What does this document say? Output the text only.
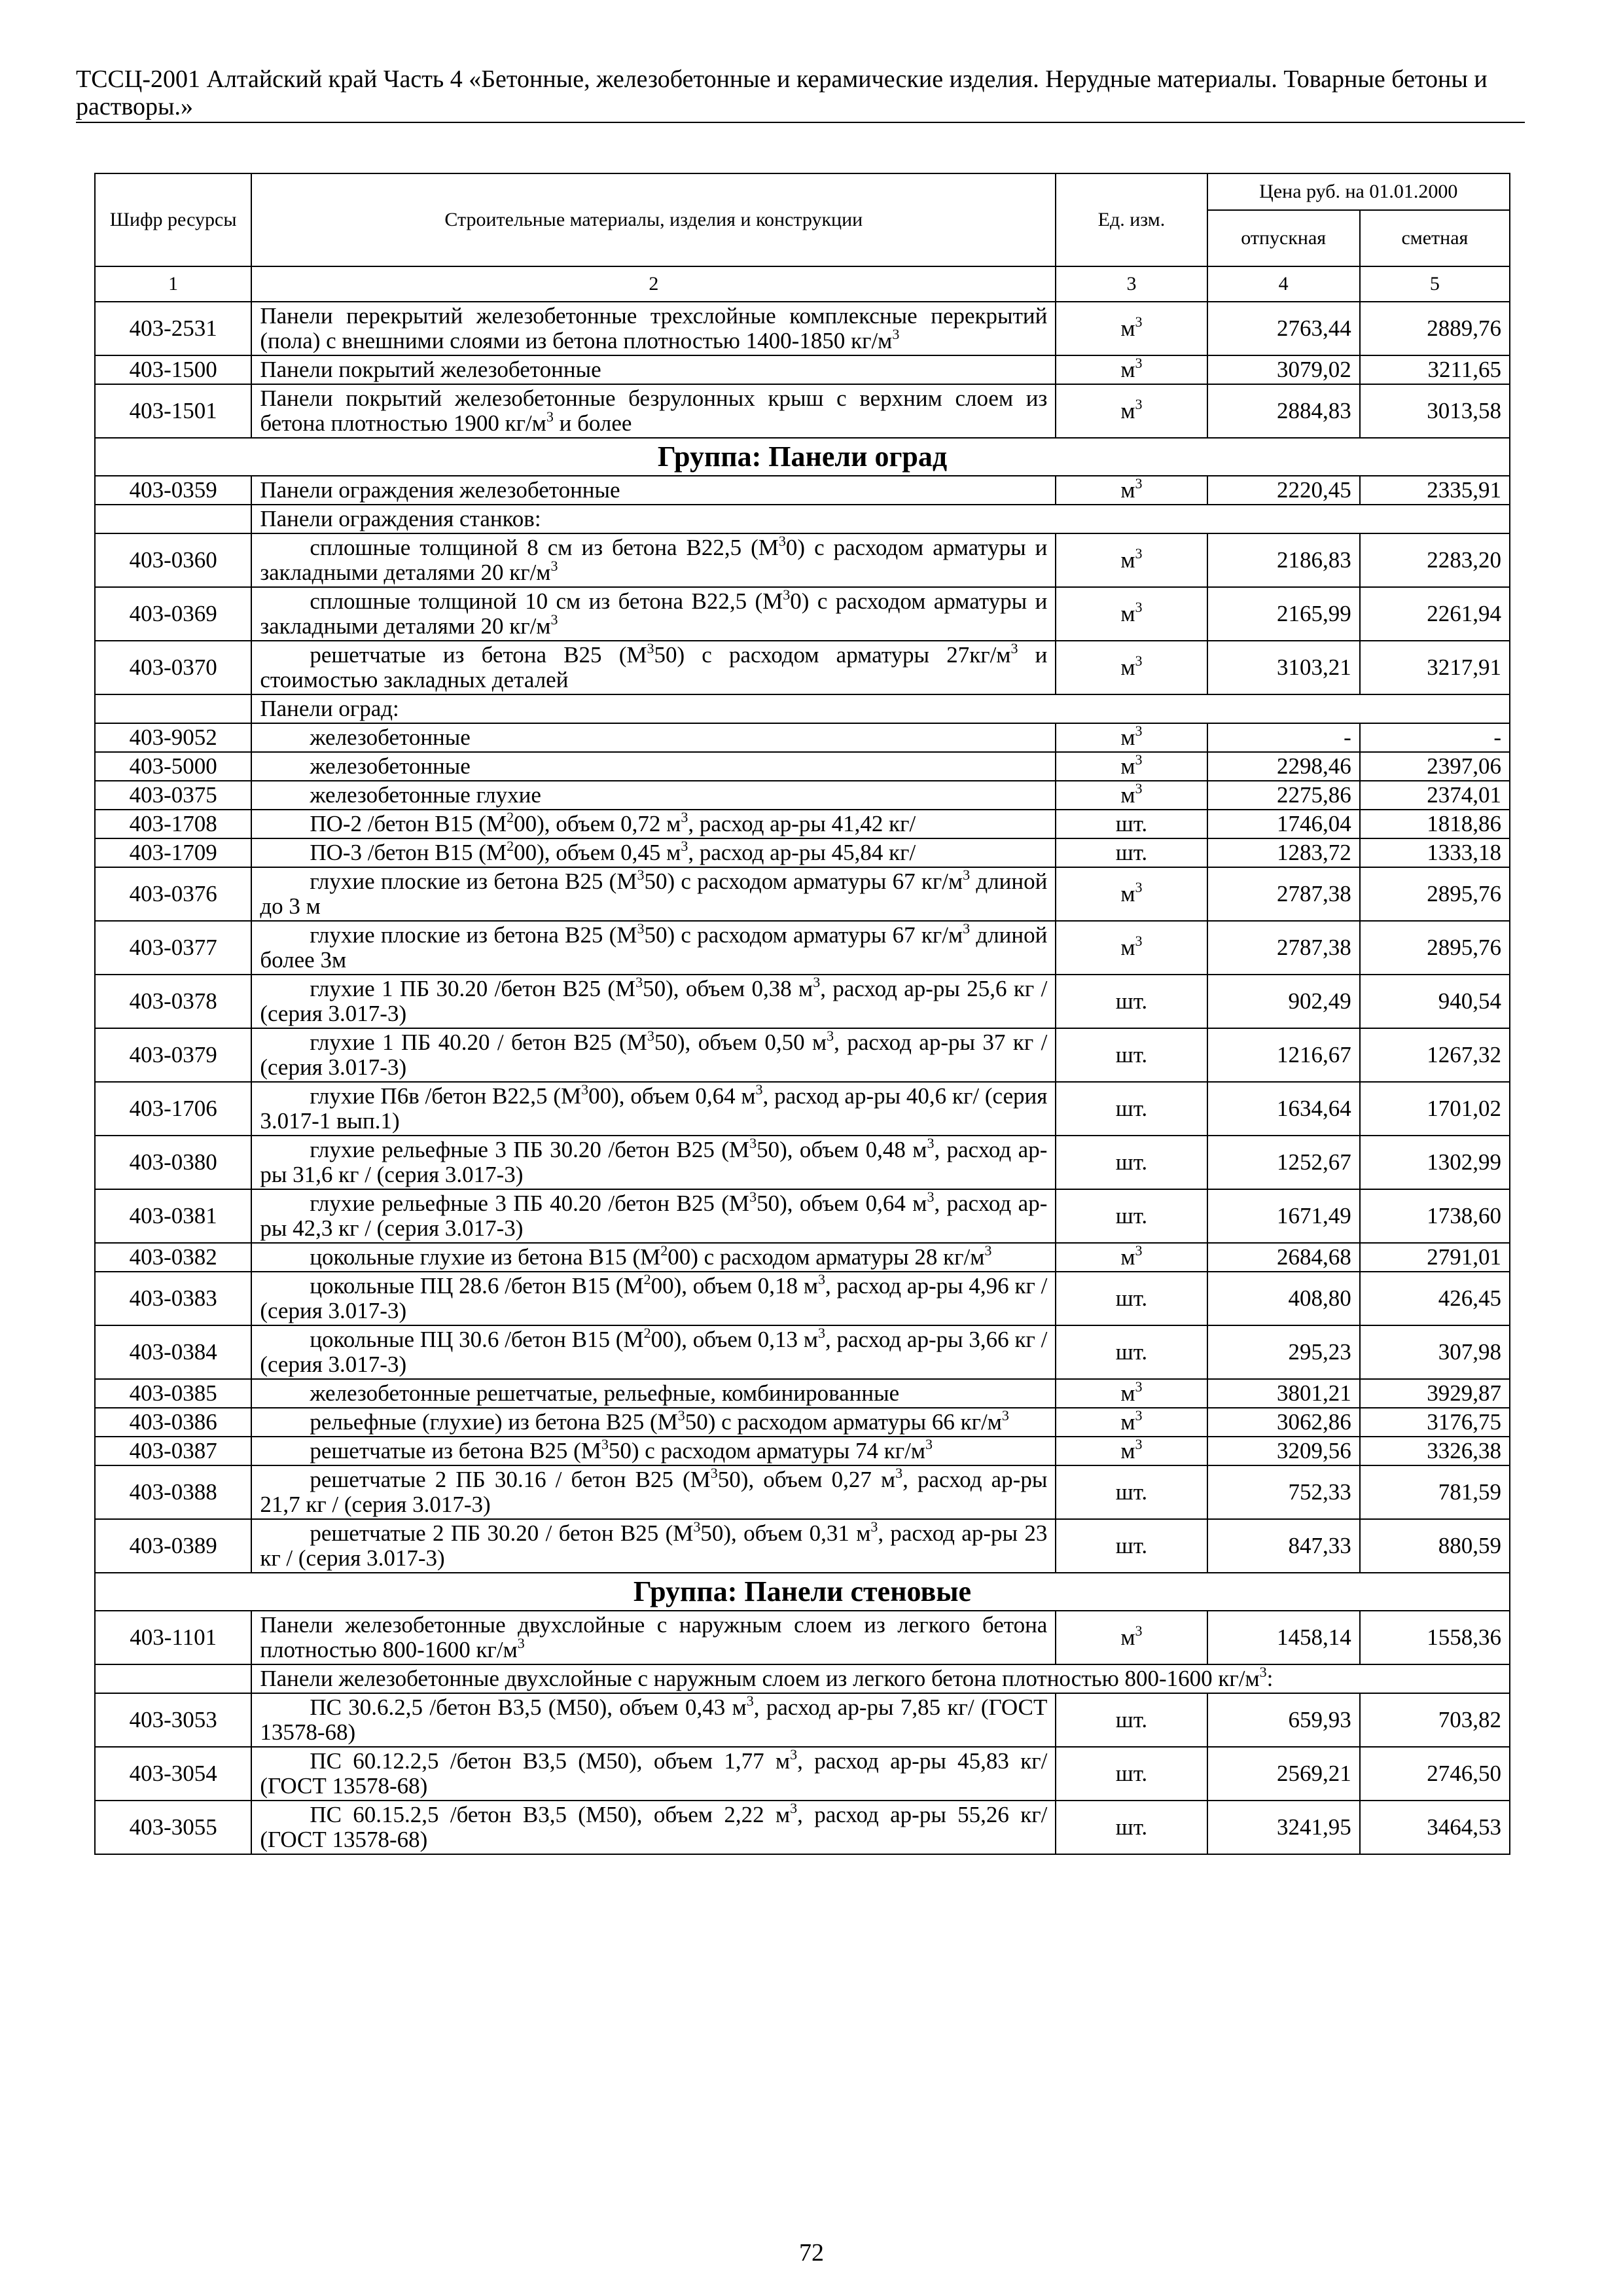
ТССЦ-2001 Алтайский край Часть 4 «Бетонные, железобетонные и керамические изделия. Нерудные материалы. Товарные бетоны и растворы.»
Шифр ресурсы	Строительные материалы, изделия и конструкции	Ед. изм.	Цена руб. на 01.01.2000	
			отпускная	сметная
1	2	3	4	5
403-2531	Панели перекрытий железобетонные трехслойные комплексные перекрытий (пола) с внешними слоями из бетона плотностью 1400-1850 $кг/м^3$	$м^3$	2763,44	2889,76
403-1500	Панели покрытий железобетонные	$м^3$	3079,02	3211,65
403-1501	Панели покрытий железобетонные безрулонных крыш с верхним слоем из бетона плотностью 1900 $кг/м^3$ и более	$м^3$	2884,83	3013,58
Группа: Панели оград				
403-0359	Панели ограждения железобетонные	$м^3$	2220,45	2335,91
	Панели ограждения станков:			
403-0360	сплошные толщиной 8 см из бетона В22,5 $(М^30)$ с расходом арматуры и закладными деталями 20 $кг/м^3$	$м^3$	2186,83	2283,20
403-0369	сплошные толщиной 10 см из бетона В22,5 $(М^30)$ с расходом арматуры и закладными деталями 20 $кг/м^3$	$м^3$	2165,99	2261,94
403-0370	решетчатые из бетона В25 $(М^350)$ с расходом арматуры $27кг/м^3$ и стоимостью закладных деталей	$м^3$	3103,21	3217,91
	Панели оград:			
403-9052	железобетонные	$м^3$	-	-
403-5000	железобетонные	$м^3$	2298,46	2397,06
403-0375	железобетонные глухие	$м^3$	2275,86	2374,01
403-1708	ПО-2 /бетон В15 $(М^200)$, объем 0,72 $м^3$, расход ар-ры 41,42 кг/	шт.	1746,04	1818,86
403-1709	ПО-3 /бетон В15 $(М^200)$, объем 0,45 $м^3$, расход ар-ры 45,84 кг/	шт.	1283,72	1333,18
403-0376	глухие плоские из бетона В25 $(М^350)$ с расходом арматуры 67 $кг/м^3$ длиной до 3 м	$м^3$	2787,38	2895,76
403-0377	глухие плоские из бетона В25 $(М^350)$ с расходом арматуры 67 $кг/м^3$ длиной более 3м	$м^3$	2787,38	2895,76
403-0378	глухие 1 ПБ 30.20 /бетон В25 $(М^350)$, объем 0,38 $м^3$, расход ар-ры 25,6 кг / (серия 3.017-3)	шт.	902,49	940,54
403-0379	глухие 1 ПБ 40.20 / бетон В25 $(М^350)$, объем 0,50 $м^3$, расход ар-ры 37 кг / (серия 3.017-3)	шт.	1216,67	1267,32
403-1706	глухие П6в /бетон В22,5 $(М^300)$, объем 0,64 $м^3$, расход ар-ры 40,6 кг/ (серия 3.017-1 вып.1)	шт.	1634,64	1701,02
403-0380	глухие рельефные 3 ПБ 30.20 /бетон В25 $(М^350)$, объем 0,48 $м^3$, расход ар-ры 31,6 кг / (серия 3.017-3)	шт.	1252,67	1302,99
403-0381	глухие рельефные 3 ПБ 40.20 /бетон В25 $(М^350)$, объем 0,64 $м^3$, расход ар-ры 42,3 кг / (серия 3.017-3)	шт.	1671,49	1738,60
403-0382	цокольные глухие из бетона В15 $(М^200)$ с расходом арматуры 28 $кг/м^3$	$м^3$	2684,68	2791,01
403-0383	цокольные ПЦ 28.6 /бетон В15 $(М^200)$, объем 0,18 $м^3$, расход ар-ры 4,96 кг / (серия 3.017-3)	шт.	408,80	426,45
403-0384	цокольные ПЦ 30.6 /бетон В15 $(М^200)$, объем 0,13 $м^3$, расход ар-ры 3,66 кг / (серия 3.017-3)	шт.	295,23	307,98
403-0385	железобетонные решетчатые, рельефные, комбинированные	$м^3$	3801,21	3929,87
403-0386	рельефные (глухие) из бетона В25 $(М^350)$ с расходом арматуры 66 $кг/м^3$	$м^3$	3062,86	3176,75
403-0387	решетчатые из бетона В25 $(М^350)$ с расходом арматуры 74 $кг/м^3$	$м^3$	3209,56	3326,38
403-0388	решетчатые 2 ПБ 30.16 / бетон В25 $(М^350)$, объем 0,27 $м^3$, расход ар-ры 21,7 кг / (серия 3.017-3)	шт.	752,33	781,59
403-0389	решетчатые 2 ПБ 30.20 / бетон В25 $(М^350)$, объем 0,31 $м^3$, расход ар-ры 23 кг / (серия 3.017-3)	шт.	847,33	880,59
Группа: Панели стеновые				
403-1101	Панели железобетонные двухслойные с наружным слоем из легкого бетона плотностью 800-1600 $кг/м^3$	$м^3$	1458,14	1558,36
	Панели железобетонные двухслойные с наружным слоем из легкого бетона плотностью 800-1600 $кг/м^3$:			
403-3053	ПС 30.6.2,5 /бетон В3,5 (М50), объем 0,43 $м^3$, расход ар-ры 7,85 кг/ (ГОСТ 13578-68)	шт.	659,93	703,82
403-3054	ПС 60.12.2,5 /бетон В3,5 (М50), объем 1,77 $м^3$, расход ар-ры 45,83 кг/ (ГОСТ 13578-68)	шт.	2569,21	2746,50
403-3055	ПС 60.15.2,5 /бетон В3,5 (М50), объем 2,22 $м^3$, расход ар-ры 55,26 кг/ (ГОСТ 13578-68)	шт.	3241,95	3464,53
72
